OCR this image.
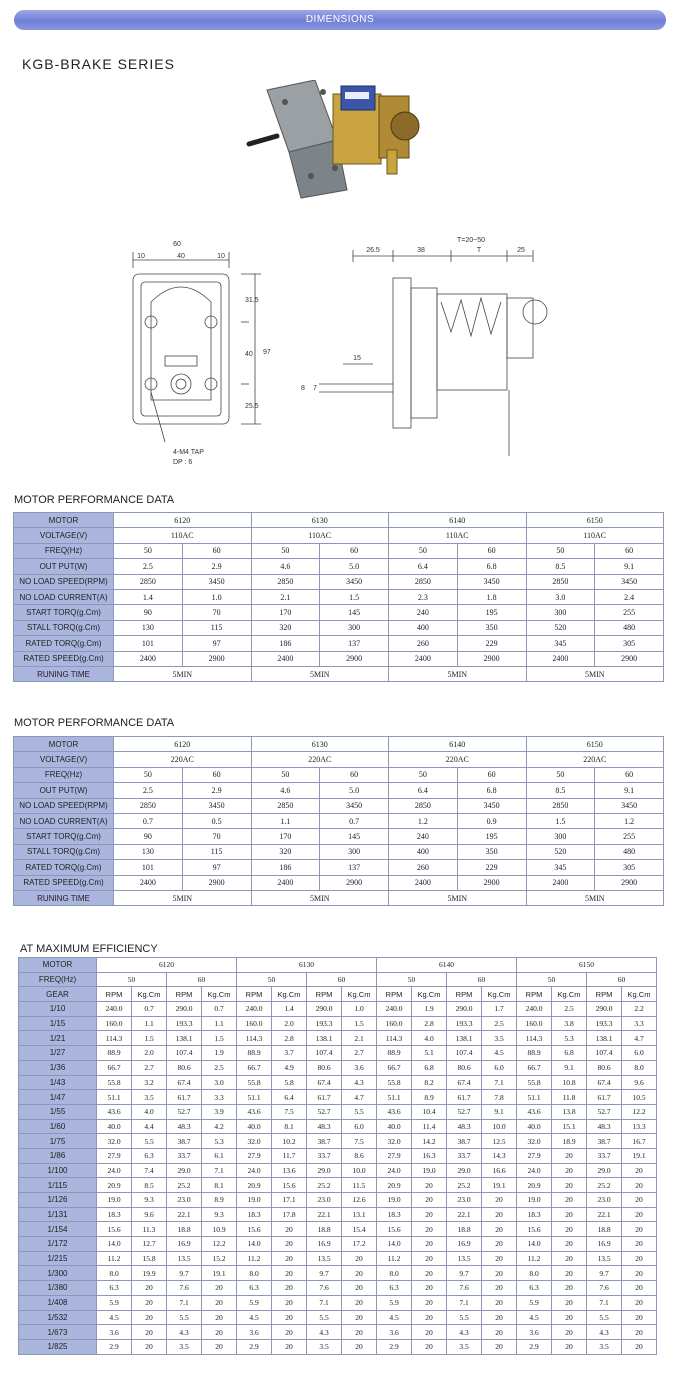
DIMENSIONS
KGB-BRAKE SERIES
60
10	40	10
31.5
40
25.5
97
4-M4 TAP
DP : 6
26.5	38
T=20~50
T	25
15
8 7
MOTOR PERFORMANCE DATA
MOTOR	6120		6130		6140		6150	
VOLTAGE(V)	110AC		110AC		110AC		110AC	
FREQ(Hz)	50	60	50	60	50	60	50	60
OUT PUT(W)	2.5	2.9	4.6	5.0	6.4	6.8	8.5	9.1
NO LOAD SPEED(RPM)	2850	3450	2850	3450	2850	3450	2850	3450
NO LOAD CURRENT(A)	1.4	1.0	2.1	1.5	2.3	1.8	3.0	2.4
START TORQ(g.Cm)	90	70	170	145	240	195	300	255
STALL TORQ(g.Cm)	130	115	320	300	400	350	520	480
RATED TORQ(g.Cm)	101	97	186	137	260	229	345	305
RATED SPEED(g.Cm)	2400	2900	2400	2900	2400	2900	2400	2900
RUNING TIME	5MIN		5MIN		5MIN		5MIN	
MOTOR PERFORMANCE DATA
MOTOR	6120		6130		6140		6150	
VOLTAGE(V)	220AC		220AC		220AC		220AC	
FREQ(Hz)	50	60	50	60	50	60	50	60
OUT PUT(W)	2.5	2.9	4.6	5.0	6.4	6.8	8.5	9.1
NO LOAD SPEED(RPM)	2850	3450	2850	3450	2850	3450	2850	3450
NO LOAD CURRENT(A)	0.7	0.5	1.1	0.7	1.2	0.9	1.5	1.2
START TORQ(g.Cm)	90	70	170	145	240	195	300	255
STALL TORQ(g.Cm)	130	115	320	300	400	350	520	480
RATED TORQ(g.Cm)	101	97	186	137	260	229	345	305
RATED SPEED(g.Cm)	2400	2900	2400	2900	2400	2900	2400	2900
RUNING TIME	5MIN		5MIN		5MIN		5MIN	
AT MAXIMUM EFFICIENCY
MOTOR	6120				6130				6140				6150			
FREQ(Hz)	50		60		50		60		50		60		50		60	
GEAR	RPM	Kg.Cm	RPM	Kg.Cm	RPM	Kg.Cm	RPM	Kg.Cm	RPM	Kg.Cm	RPM	Kg.Cm	RPM	Kg.Cm	RPM	Kg.Cm
1/10	240.0	0.7	290.0	0.7	240.0	1.4	290.0	1.0	240.0	1.9	290.0	1.7	240.0	2.5	290.0	2.2
1/15	160.0	1.1	193.3	1.1	160.0	2.0	193.3	1.5	160.0	2.8	193.3	2.5	160.0	3.8	193.3	3.3
1/21	114.3	1.5	138.1	1.5	114.3	2.8	138.1	2.1	114.3	4.0	138.1	3.5	114.3	5.3	138.1	4.7
1/27	88.9	2.0	107.4	1.9	88.9	3.7	107.4	2.7	88.9	5.1	107.4	4.5	88.9	6.8	107.4	6.0
1/36	66.7	2.7	80.6	2.5	66.7	4.9	80.6	3.6	66.7	6.8	80.6	6.0	66.7	9.1	80.6	8.0
1/43	55.8	3.2	67.4	3.0	55.8	5.8	67.4	4.3	55.8	8.2	67.4	7.1	55.8	10.8	67.4	9.6
1/47	51.1	3.5	61.7	3.3	51.1	6.4	61.7	4.7	51.1	8.9	61.7	7.8	51.1	11.8	61.7	10.5
1/55	43.6	4.0	52.7	3.9	43.6	7.5	52.7	5.5	43.6	10.4	52.7	9.1	43.6	13.8	52.7	12.2
1/60	40.0	4.4	48.3	4.2	40.0	8.1	48.3	6.0	40.0	11.4	48.3	10.0	40.0	15.1	48.3	13.3
1/75	32.0	5.5	38.7	5.3	32.0	10.2	38.7	7.5	32.0	14.2	38.7	12.5	32.0	18.9	38.7	16.7
1/86	27.9	6.3	33.7	6.1	27.9	11.7	33.7	8.6	27.9	16.3	33.7	14.3	27.9	20	33.7	19.1
1/100	24.0	7.4	29.0	7.1	24.0	13.6	29.0	10.0	24.0	19.0	29.0	16.6	24.0	20	29.0	20
1/115	20.9	8.5	25.2	8.1	20.9	15.6	25.2	11.5	20.9	20	25.2	19.1	20.9	20	25.2	20
1/126	19.0	9.3	23.0	8.9	19.0	17.1	23.0	12.6	19.0	20	23.0	20	19.0	20	23.0	20
1/131	18.3	9.6	22.1	9.3	18.3	17.8	22.1	13.1	18.3	20	22.1	20	18.3	20	22.1	20
1/154	15.6	11.3	18.8	10.9	15.6	20	18.8	15.4	15.6	20	18.8	20	15.6	20	18.8	20
1/172	14.0	12.7	16.9	12.2	14.0	20	16.9	17.2	14.0	20	16.9	20	14.0	20	16.9	20
1/215	11.2	15.8	13.5	15.2	11.2	20	13.5	20	11.2	20	13.5	20	11.2	20	13.5	20
1/300	8.0	19.9	9.7	19.1	8.0	20	9.7	20	8.0	20	9.7	20	8.0	20	9.7	20
1/380	6.3	20	7.6	20	6.3	20	7.6	20	6.3	20	7.6	20	6.3	20	7.6	20
1/408	5.9	20	7.1	20	5.9	20	7.1	20	5.9	20	7.1	20	5.9	20	7.1	20
1/532	4.5	20	5.5	20	4.5	20	5.5	20	4.5	20	5.5	20	4.5	20	5.5	20
1/673	3.6	20	4.3	20	3.6	20	4.3	20	3.6	20	4.3	20	3.6	20	4.3	20
1/825	2.9	20	3.5	20	2.9	20	3.5	20	2.9	20	3.5	20	2.9	20	3.5	20
